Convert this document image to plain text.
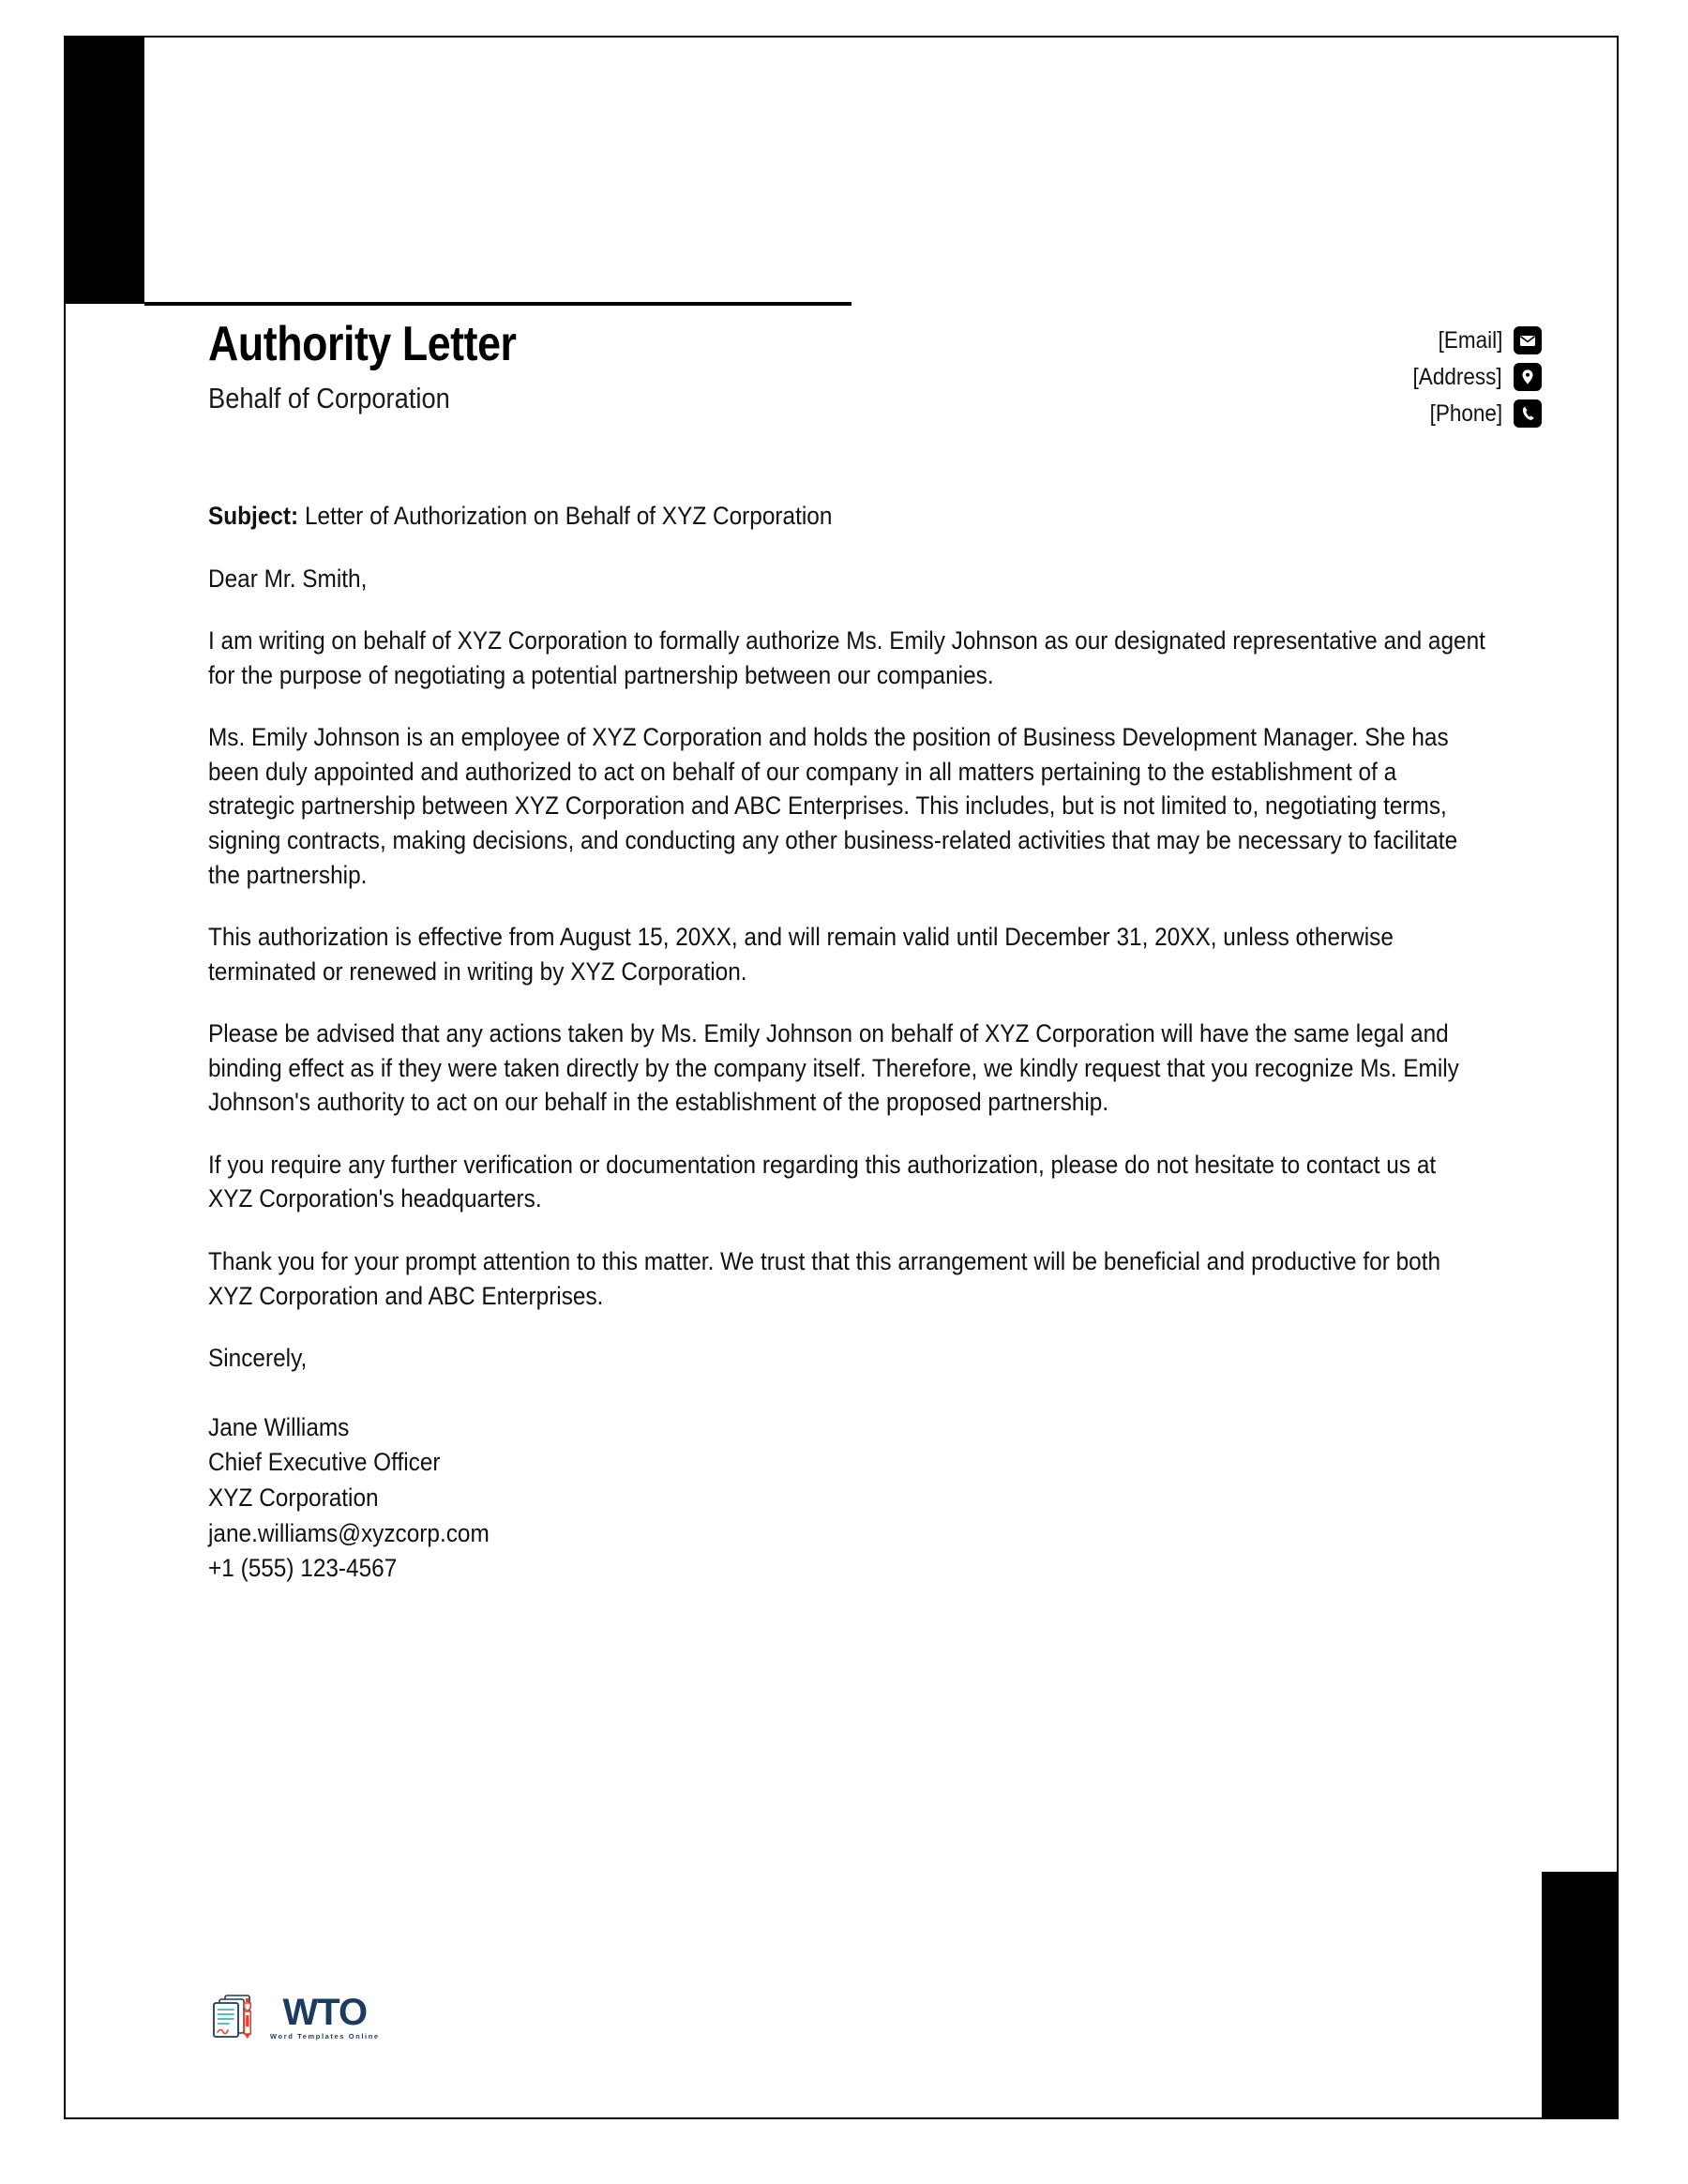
Authority Letter
Behalf of Corporation
[Email]
[Address]
[Phone]

Subject: Letter of Authorization on Behalf of XYZ Corporation

Dear Mr. Smith,

I am writing on behalf of XYZ Corporation to formally authorize Ms. Emily Johnson as our designated representative and agent for the purpose of negotiating a potential partnership between our companies.

Ms. Emily Johnson is an employee of XYZ Corporation and holds the position of Business Development Manager. She has been duly appointed and authorized to act on behalf of our company in all matters pertaining to the establishment of a strategic partnership between XYZ Corporation and ABC Enterprises. This includes, but is not limited to, negotiating terms, signing contracts, making decisions, and conducting any other business-related activities that may be necessary to facilitate the partnership.

This authorization is effective from August 15, 20XX, and will remain valid until December 31, 20XX, unless otherwise terminated or renewed in writing by XYZ Corporation.

Please be advised that any actions taken by Ms. Emily Johnson on behalf of XYZ Corporation will have the same legal and binding effect as if they were taken directly by the company itself. Therefore, we kindly request that you recognize Ms. Emily Johnson's authority to act on our behalf in the establishment of the proposed partnership.

If you require any further verification or documentation regarding this authorization, please do not hesitate to contact us at XYZ Corporation's headquarters.

Thank you for your prompt attention to this matter. We trust that this arrangement will be beneficial and productive for both XYZ Corporation and ABC Enterprises.

Sincerely,
Jane Williams
Chief Executive Officer
XYZ Corporation
jane.williams@xyzcorp.com
+1 (555) 123-4567
WTO
Word Templates Online
